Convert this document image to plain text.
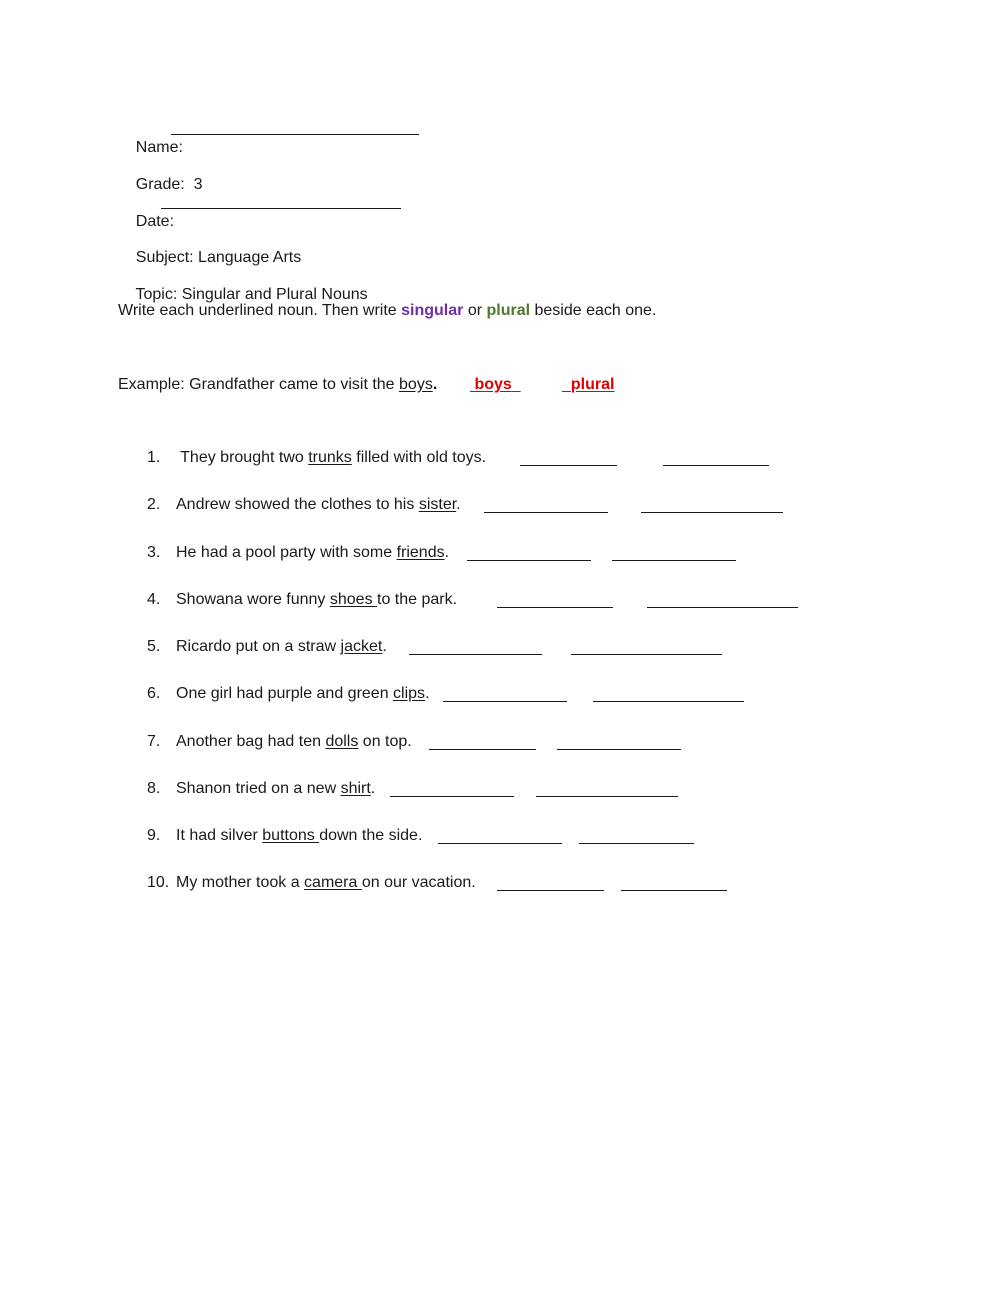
Name:

Grade: 3

Date:

Subject: Language Arts

Topic: Singular and Plural Nouns

Write each underlined noun. Then write singular or plural beside each one.
Example: Grandfather came to visit the boys. boys	plural
1. They brought two trunks filled with old toys.
2. Andrew showed the clothes to his sister.
3. He had a pool party with some friends.
4. Showana wore funny shoes to the park.
5. Ricardo put on a straw jacket.
6. One girl had purple and green clips.
7. Another bag had ten dolls on top.
8. Shanon tried on a new shirt.
9. It had silver buttons down the side.
10. My mother took a camera on our vacation.
